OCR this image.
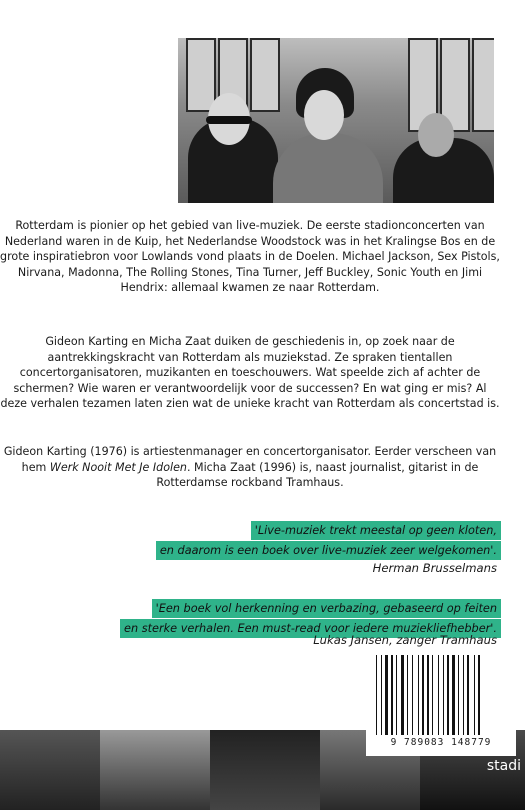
Rotterdam is pionier op het gebied van live-muziek. De eerste stadionconcerten van Nederland waren in de Kuip, het Nederlandse Woodstock was in het Kralingse Bos en de grote inspiratiebron voor Lowlands vond plaats in de Doelen. Michael Jackson, Sex Pistols, Nirvana, Madonna, The Rolling Stones, Tina Turner, Jeff Buckley, Sonic Youth en Jimi Hendrix: allemaal kwamen ze naar Rotterdam.
Gideon Karting en Micha Zaat duiken de geschiedenis in, op zoek naar de aantrekkingskracht van Rotterdam als muziekstad. Ze spraken tientallen concertorganisatoren, muzikanten en toeschouwers. Wat speelde zich af achter de schermen? Wie waren er verantwoordelijk voor de successen? En wat ging er mis? Al deze verhalen tezamen laten zien wat de unieke kracht van Rotterdam als concertstad is.
Gideon Karting (1976) is artiestenmanager en concertorganisator. Eerder verscheen van hem Werk Nooit Met Je Idolen. Micha Zaat (1996) is, naast journalist, gitarist in de Rotterdamse rockband Tramhaus.
'Live-muziek trekt meestal op geen kloten,
en daarom is een boek over live-muziek zeer welgekomen'.
Herman Brusselmans
'Een boek vol herkenning en verbazing, gebaseerd op feiten
en sterke verhalen. Een must-read voor iedere muziekliefhebber'.
Lukas Jansen, zanger Tramhaus
stadi
9 789083 148779
